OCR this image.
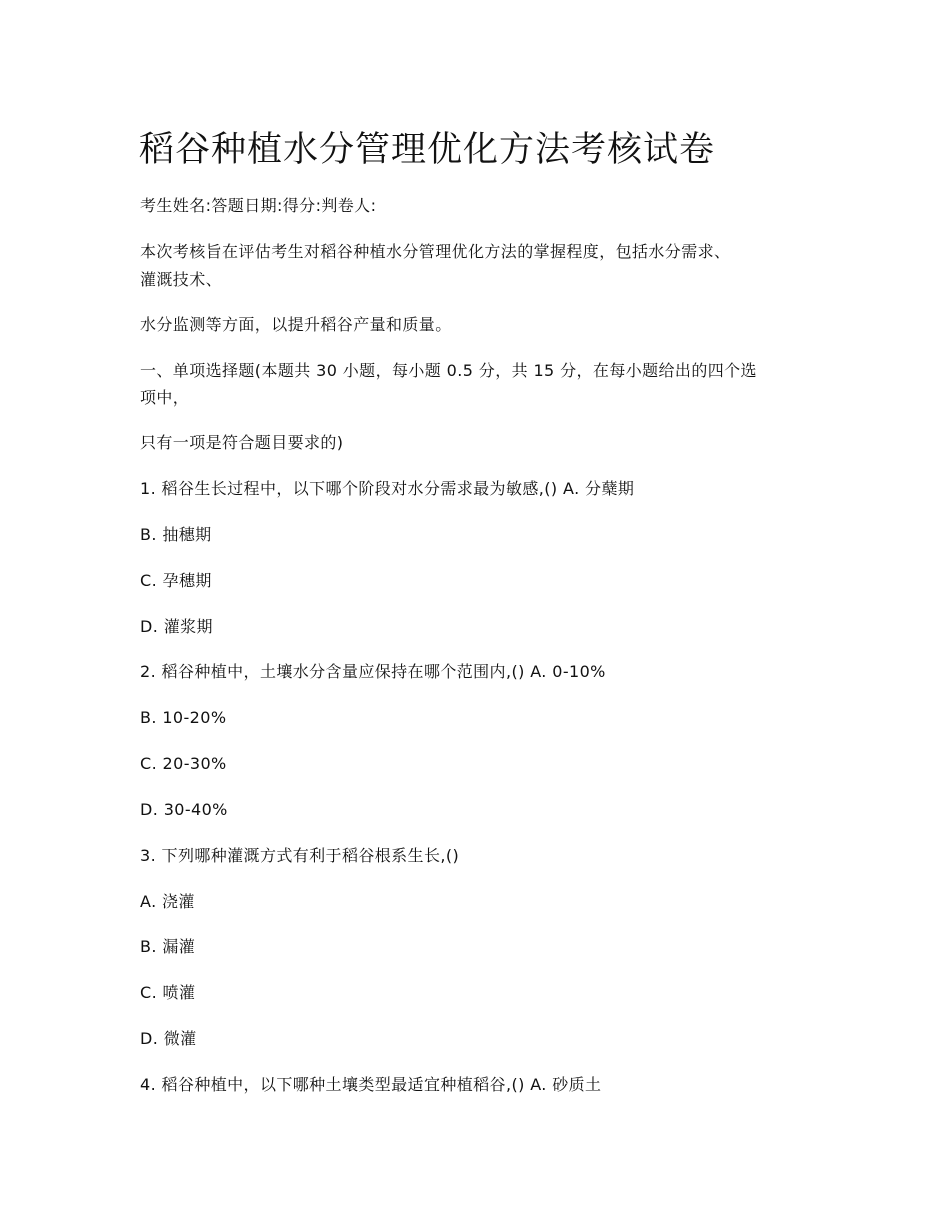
稻谷种植水分管理优化方法考核试卷

考生姓名:答题日期:得分:判卷人:

本次考核旨在评估考生对稻谷种植水分管理优化方法的掌握程度，包括水分需求、

灌溉技术、

水分监测等方面，以提升稻谷产量和质量。

一、单项选择题(本题共 30 小题，每小题 0.5 分，共 15 分，在每小题给出的四个选

项中，

只有一项是符合题目要求的)

1. 稻谷生长过程中，以下哪个阶段对水分需求最为敏感,() A. 分蘖期

B. 抽穗期

C. 孕穗期

D. 灌浆期

2. 稻谷种植中，土壤水分含量应保持在哪个范围内,() A. 0-10%

B. 10-20%

C. 20-30%

D. 30-40%

3. 下列哪种灌溉方式有利于稻谷根系生长,()

A. 浇灌

B. 漏灌

C. 喷灌

D. 微灌

4. 稻谷种植中，以下哪种土壤类型最适宜种植稻谷,() A. 砂质土
